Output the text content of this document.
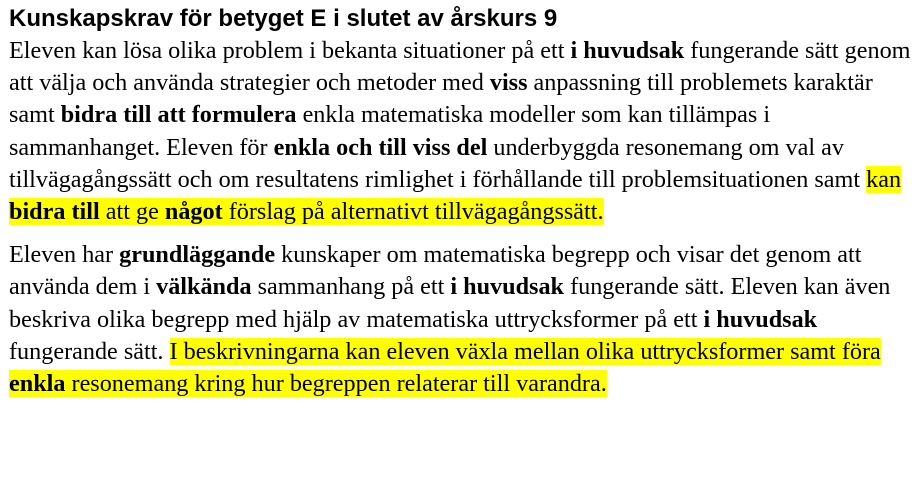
Kunskapskrav för betyget E i slutet av årskurs 9

Eleven kan lösa olika problem i bekanta situationer på ett i huvudsak fungerande sätt genom att välja och använda strategier och metoder med viss anpassning till problemets karaktär samt bidra till att formulera enkla matematiska modeller som kan tillämpas i sammanhanget. Eleven för enkla och till viss del underbyggda resonemang om val av tillvägagångssätt och om resultatens rimlighet i förhållande till problemsituationen samt kan bidra till att ge något förslag på alternativt tillvägagångssätt.

Eleven har grundläggande kunskaper om matematiska begrepp och visar det genom att använda dem i välkända sammanhang på ett i huvudsak fungerande sätt. Eleven kan även beskriva olika begrepp med hjälp av matematiska uttrycksformer på ett i huvudsak fungerande sätt. I beskrivningarna kan eleven växla mellan olika uttrycksformer samt föra enkla resonemang kring hur begreppen relaterar till varandra.
